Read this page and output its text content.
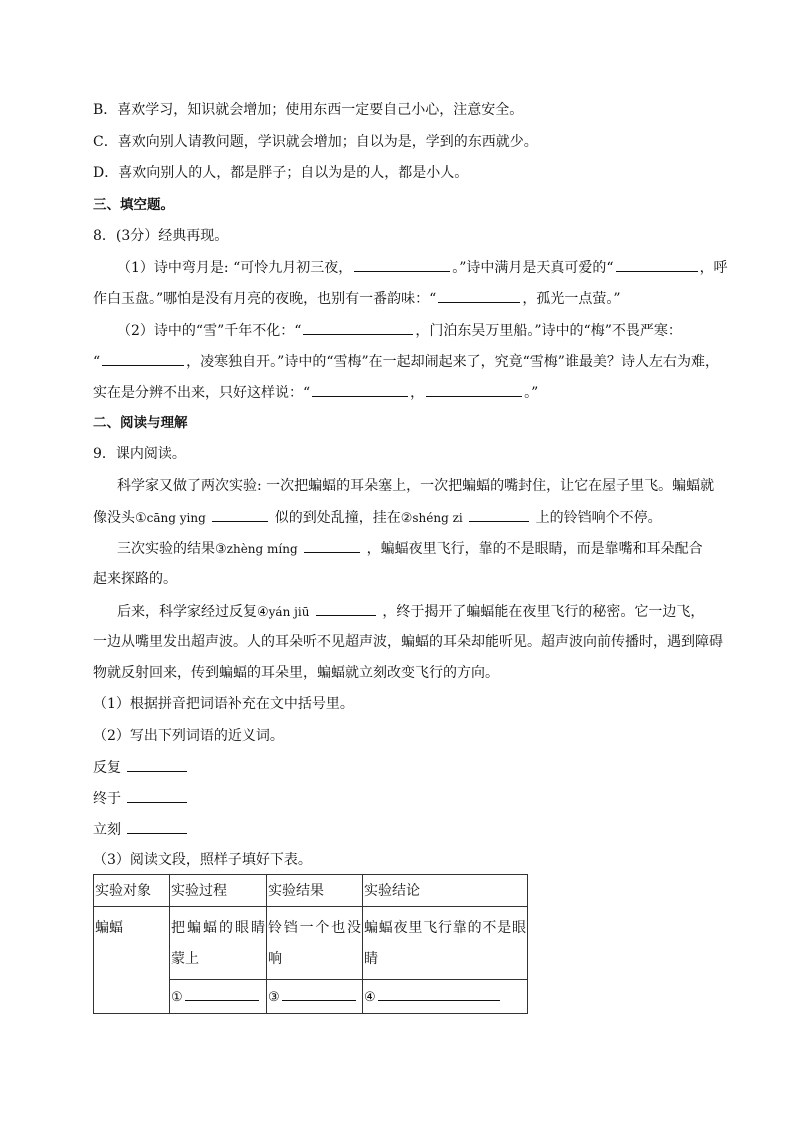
B．喜欢学习，知识就会增加；使用东西一定要自己小心，注意安全。
C．喜欢向别人请教问题，学识就会增加；自以为是，学到的东西就少。
D．喜欢向别人的人，都是胖子；自以为是的人，都是小人。
三、填空题。
8．(3分）经典再现。
（1）诗中弯月是: “可怜九月初三夜，	。”诗中满月是天真可爱的“	，呼
作白玉盘。”哪怕是没有月亮的夜晚，也别有一番韵味：“	，孤光一点萤。”
（2）诗中的“雪”千年不化：“	，门泊东吴万里船。”诗中的“梅”不畏严寒：
“	，凌寒独自开。”诗中的“雪梅”在一起却闹起来了，究竟“雪梅”谁最美？诗人左右为难，
实在是分辨不出来，只好这样说：“	，	。”
二、阅读与理解
9．课内阅读。
科学家又做了两次实验: 一次把蝙蝠的耳朵塞上，一次把蝙蝠的嘴封住，让它在屋子里飞。蝙蝠就
像没头①cāng ying	似的到处乱撞，挂在②shéng zi	上的铃铛响个不停。
三次实验的结果③zhèng míng	，蝙蝠夜里飞行，靠的不是眼睛，而是靠嘴和耳朵配合
起来探路的。
后来，科学家经过反复④yán jiū	，终于揭开了蝙蝠能在夜里飞行的秘密。它一边飞，
一边从嘴里发出超声波。人的耳朵听不见超声波，蝙蝠的耳朵却能听见。超声波向前传播时，遇到障碍
物就反射回来，传到蝙蝠的耳朵里，蝙蝠就立刻改变飞行的方向。
（1）根据拼音把词语补充在文中括号里。
（2）写出下列词语的近义词。
反复
终于
立刻
（3）阅读文段，照样子填好下表。
实验对象	实验过程	实验结果	实验结论
蝙蝠	把蝙蝠的眼睛蒙上	铃铛一个也没响	蝙蝠夜里飞行靠的不是眼睛
	①	③	④
